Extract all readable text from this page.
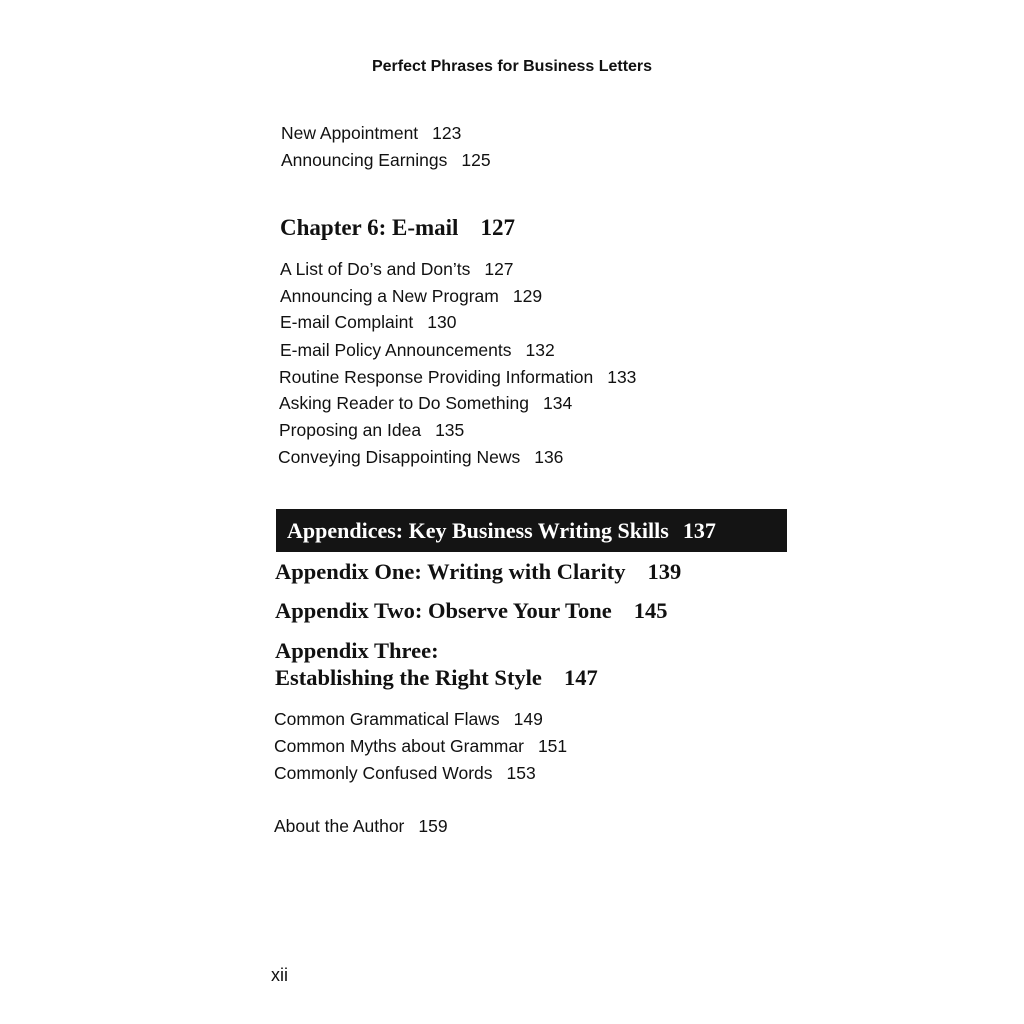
Perfect Phrases for Business Letters
New Appointment 123
Announcing Earnings 125
Chapter 6: E-mail 127
A List of Do’s and Don’ts 127
Announcing a New Program 129
E-mail Complaint 130
E-mail Policy Announcements 132
Routine Response Providing Information 133
Asking Reader to Do Something 134
Proposing an Idea 135
Conveying Disappointing News 136
Appendices: Key Business Writing Skills 137
Appendix One: Writing with Clarity 139
Appendix Two: Observe Your Tone 145
Appendix Three:
Establishing the Right Style 147
Common Grammatical Flaws 149
Common Myths about Grammar 151
Commonly Confused Words 153
About the Author 159
xii
